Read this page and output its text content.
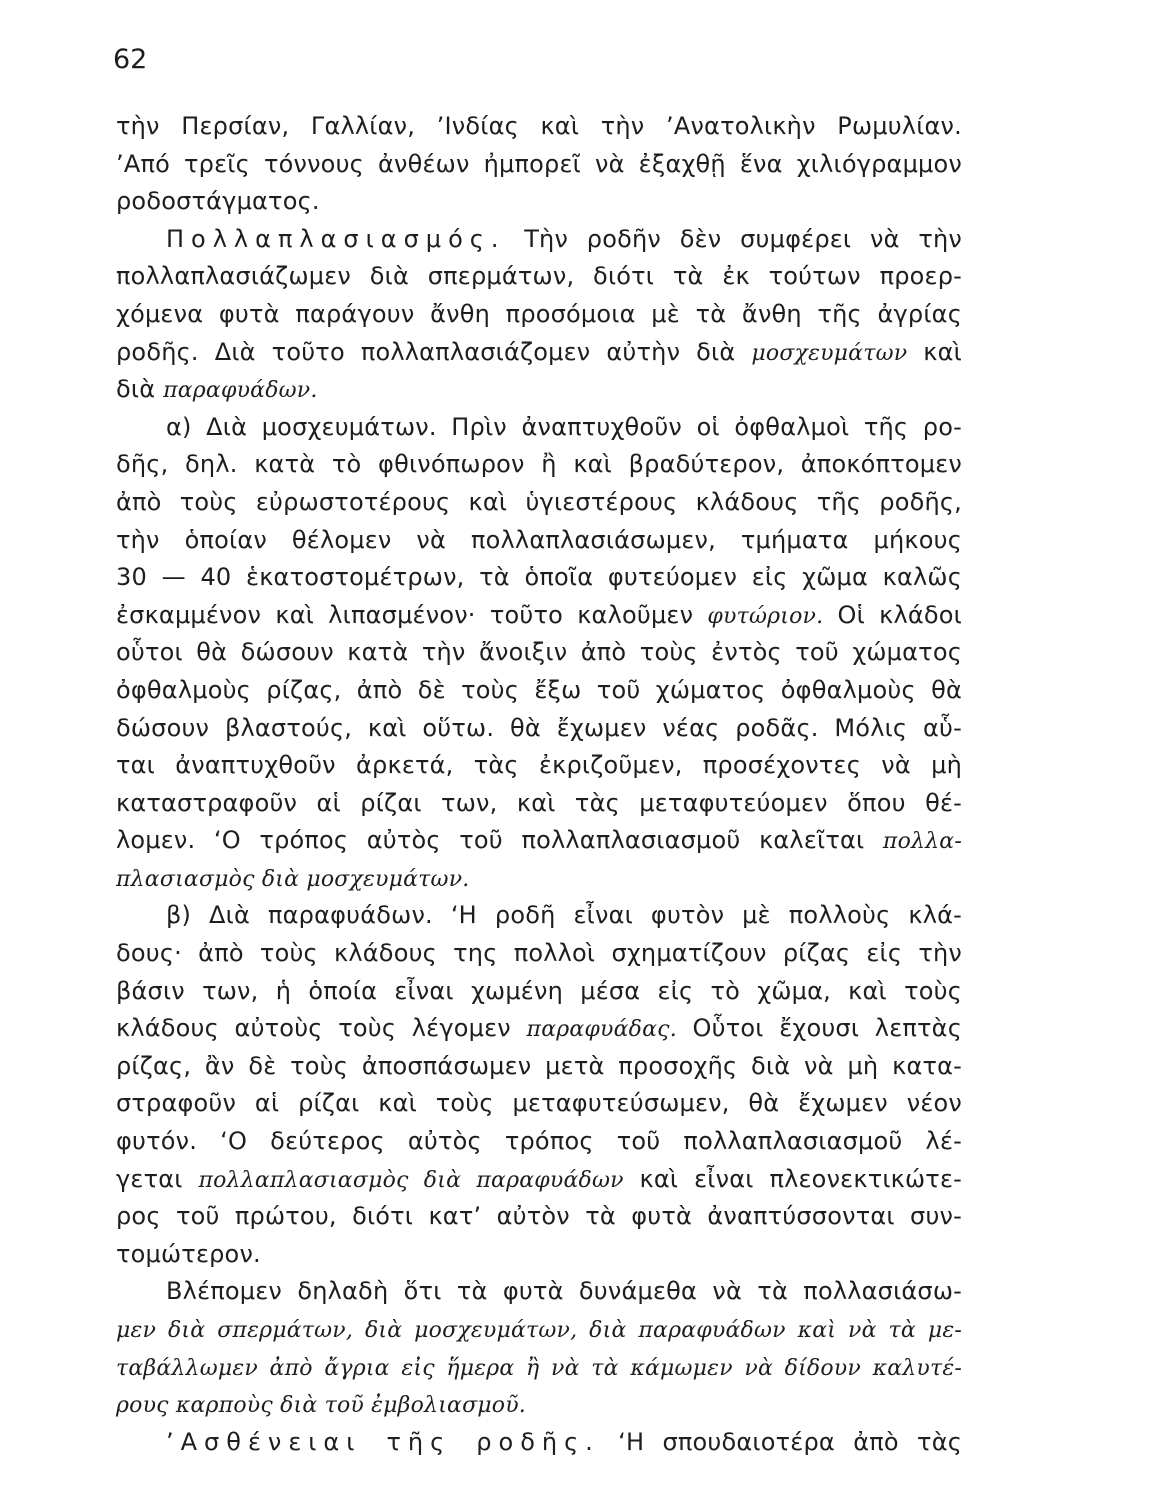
62
τὴν Περσίαν, Γαλλίαν, ’Ινδίας καὶ τὴν ’Ανατολικὴν Ρωμυλίαν.
’Από τρεῖς τόννους ἀνθέων ἠμπορεῖ νὰ ἐξαχθῇ ἕνα χιλιόγραμμον
ροδοστάγματος.
Πολλαπλασιασμός. Τὴν ροδῆν δὲν συμφέρει νὰ τὴν
πολλαπλασιάζωμεν διὰ σπερμάτων, διότι τὰ ἐκ τούτων προερ-
χόμενα φυτὰ παράγουν ἄνθη προσόμοια μὲ τὰ ἄνθη τῆς ἀγρίας
ροδῆς. Διὰ τοῦτο πολλαπλασιάζομεν αὐτὴν διὰ μοσχευμάτων καὶ
διὰ παραφυάδων.
α) Διὰ μοσχευμάτων. Πρὶν ἀναπτυχθοῦν οἱ ὀφθαλμοὶ τῆς ρο-
δῆς, δηλ. κατὰ τὸ φθινόπωρον ἢ καὶ βραδύτερον, ἀποκόπτομεν
ἀπὸ τοὺς εὐρωστοτέρους καὶ ὑγιεστέρους κλάδους τῆς ροδῆς,
τὴν ὁποίαν θέλομεν νὰ πολλαπλασιάσωμεν, τμήματα μήκους
30 — 40 ἑκατοστομέτρων, τὰ ὁποῖα φυτεύομεν εἰς χῶμα καλῶς
ἐσκαμμένον καὶ λιπασμένον· τοῦτο καλοῦμεν φυτώριον. Οἱ κλάδοι
οὗτοι θὰ δώσουν κατὰ τὴν ἄνοιξιν ἀπὸ τοὺς ἐντὸς τοῦ χώματος
ὀφθαλμοὺς ρίζας, ἀπὸ δὲ τοὺς ἔξω τοῦ χώματος ὀφθαλμοὺς θὰ
δώσουν βλαστούς, καὶ οὕτω. θὰ ἔχωμεν νέας ροδᾶς. Μόλις αὗ-
ται ἀναπτυχθοῦν ἀρκετά, τὰς ἐκριζοῦμεν, προσέχοντες νὰ μὴ
καταστραφοῦν αἱ ρίζαι των, καὶ τὰς μεταφυτεύομεν ὅπου θέ-
λομεν. ‘Ο τρόπος αὐτὸς τοῦ πολλαπλασιασμοῦ καλεῖται πολλα-
πλασιασμὸς διὰ μοσχευμάτων.
β) Διὰ παραφυάδων. ‘Η ροδῆ εἶναι φυτὸν μὲ πολλοὺς κλά-
δους· ἀπὸ τοὺς κλάδους της πολλοὶ σχηματίζουν ρίζας εἰς τὴν
βάσιν των, ἡ ὁποία εἶναι χωμένη μέσα εἰς τὸ χῶμα, καὶ τοὺς
κλάδους αὐτοὺς τοὺς λέγομεν παραφυάδας. Οὗτοι ἔχουσι λεπτὰς
ρίζας, ἂν δὲ τοὺς ἀποσπάσωμεν μετὰ προσοχῆς διὰ νὰ μὴ κατα-
στραφοῦν αἱ ρίζαι καὶ τοὺς μεταφυτεύσωμεν, θὰ ἔχωμεν νέον
φυτόν. ‘Ο δεύτερος αὐτὸς τρόπος τοῦ πολλαπλασιασμοῦ λέ-
γεται πολλαπλασιασμὸς διὰ παραφυάδων καὶ εἶναι πλεονεκτικώτε-
ρος τοῦ πρώτου, διότι κατ’ αὐτὸν τὰ φυτὰ ἀναπτύσσονται συν-
τομώτερον.
Βλέπομεν δηλαδὴ ὅτι τὰ φυτὰ δυνάμεθα νὰ τὰ πολλασιάσω-
μεν διὰ σπερμάτων, διὰ μοσχευμάτων, διὰ παραφυάδων καὶ νὰ τὰ με-
ταβάλλωμεν ἀπὸ ἄγρια εἰς ἥμερα ἢ νὰ τὰ κάμωμεν νὰ δίδουν καλυτέ-
ρους καρποὺς διὰ τοῦ ἐμβολιασμοῦ.
’Ασθένειαι τῆς ροδῆς. ‘Η σπουδαιοτέρα ἀπὸ τὰς
